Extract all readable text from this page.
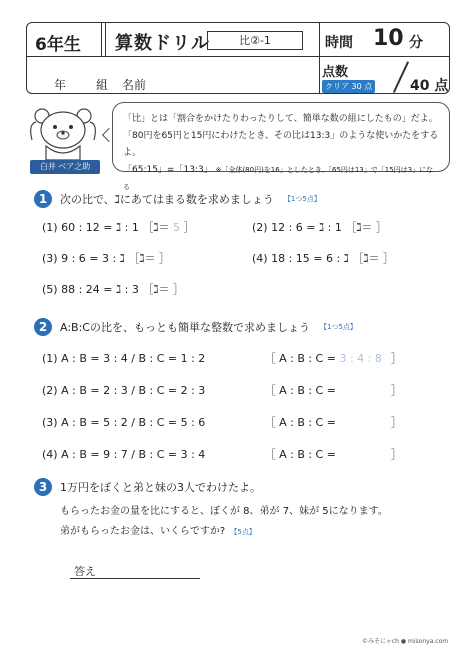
6年生 算数ドリル	比②-1	時間 10 分
年 組 名前
点数
クリア 30 点	40 点
白井 ベア之助
「比」とは「割合をかけたりわったりして、簡単な数の組にしたもの」だよ。
「80円を65円と15円にわけたとき、その比は13:3」のような使いかたをするよ。
「65:15」=「13:3」 ※「全体(80円)を16」としたとき、「65円は13」で「15円は3」になる
1	次の比で、ℷにあてはまる数を求めましょう 【1つ5点】
(1) 60 : 12 = ℷ : 1 ［ℷ＝ 5 ］	(2) 12 : 6 = ℷ : 1 ［ℷ＝ ］
(3) 9 : 6 = 3 : ℷ ［ℷ＝ ］	(4) 18 : 15 = 6 : ℷ ［ℷ＝ ］
(5) 88 : 24 = ℷ : 3 ［ℷ＝ ］
2	A:B:Cの比を、もっとも簡単な整数で求めましょう 【1つ5点】
(1) A : B = 3 : 4 / B : C = 1 : 2	［ A : B : C = 3 : 4 : 8 ］
(2) A : B = 2 : 3 / B : C = 2 : 3	［ A : B : C =	］
(3) A : B = 5 : 2 / B : C = 5 : 6	［ A : B : C =	］
(4) A : B = 9 : 7 / B : C = 3 : 4	［ A : B : C =	］
3	1万円をぼくと弟と妹の3人でわけたよ。
もらったお金の量を比にすると、ぼくが 8、弟が 7、妹が 5になります。
弟がもらったお金は、いくらですか? 【5点】
答え
©みそにゃch ● misonya.com
